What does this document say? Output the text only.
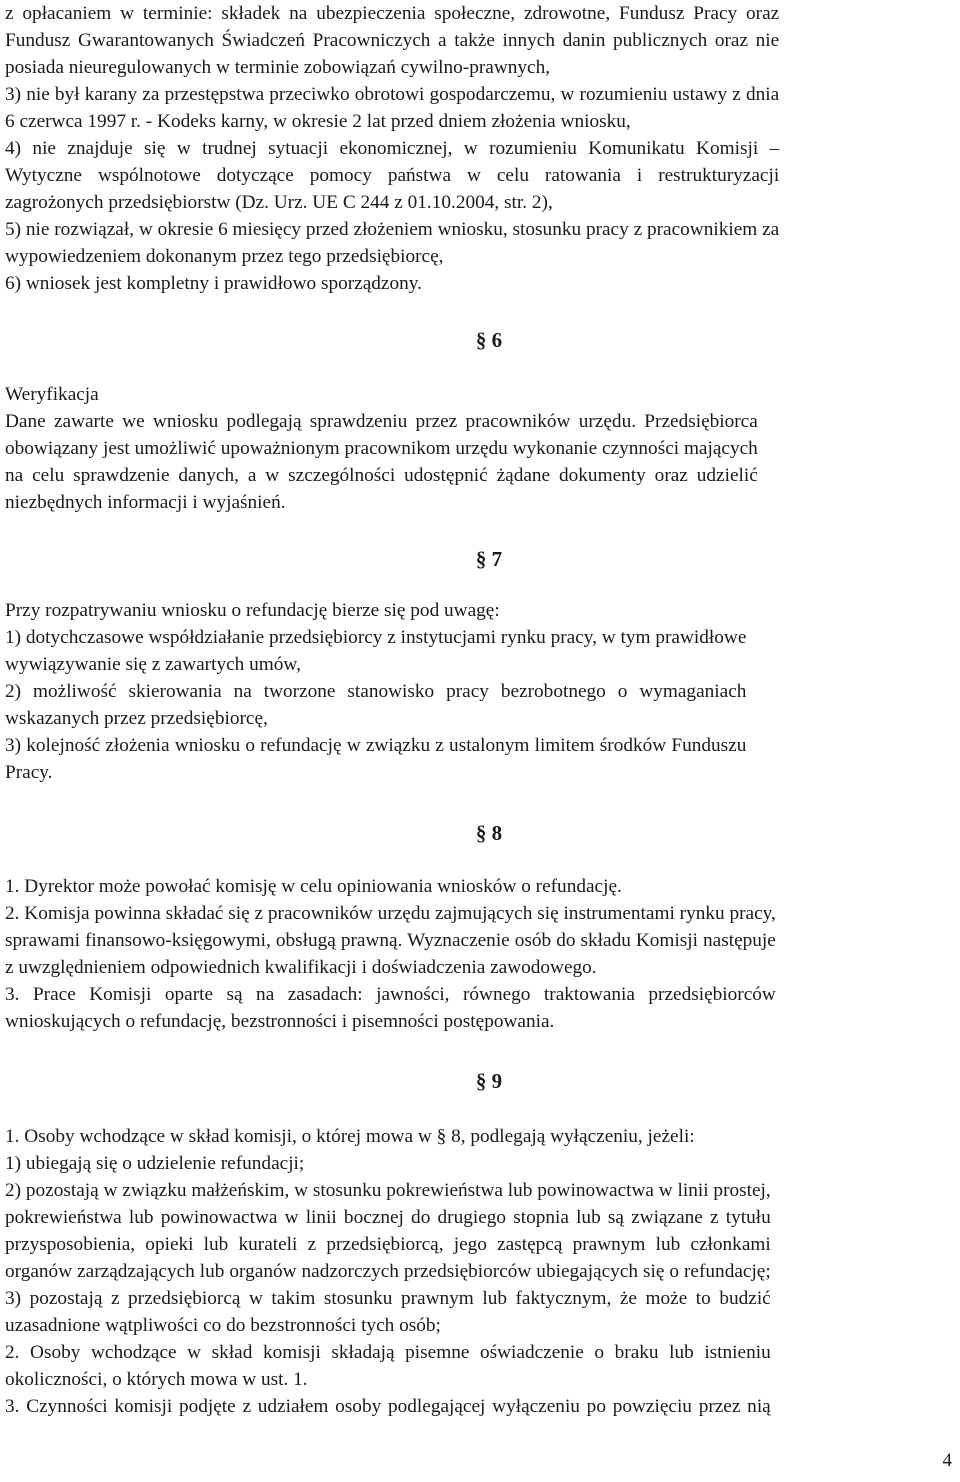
z opłacaniem w terminie: składek na ubezpieczenia społeczne, zdrowotne, Fundusz Pracy oraz
Fundusz Gwarantowanych Świadczeń Pracowniczych a także innych danin publicznych oraz nie
posiada nieuregulowanych w terminie zobowiązań cywilno-prawnych,
3) nie był karany za przestępstwa przeciwko obrotowi gospodarczemu, w rozumieniu ustawy z dnia
6 czerwca 1997 r. - Kodeks karny, w okresie 2 lat przed dniem złożenia wniosku,
4) nie znajduje się w trudnej sytuacji ekonomicznej, w rozumieniu Komunikatu Komisji –
Wytyczne wspólnotowe dotyczące pomocy państwa w celu ratowania i restrukturyzacji
zagrożonych przedsiębiorstw (Dz. Urz. UE C 244 z 01.10.2004, str. 2),
5) nie rozwiązał, w okresie 6 miesięcy przed złożeniem wniosku, stosunku pracy z pracownikiem za
wypowiedzeniem dokonanym przez tego przedsiębiorcę,
6) wniosek jest kompletny i prawidłowo sporządzony.

§ 6

Weryfikacja
Dane zawarte we wniosku podlegają sprawdzeniu przez pracowników urzędu. Przedsiębiorca
obowiązany jest umożliwić upoważnionym pracownikom urzędu wykonanie czynności mających
na celu sprawdzenie danych, a w szczególności udostępnić żądane dokumenty oraz udzielić
niezbędnych informacji i wyjaśnień.

§ 7

Przy rozpatrywaniu wniosku o refundację bierze się pod uwagę:
1) dotychczasowe współdziałanie przedsiębiorcy z instytucjami rynku pracy, w tym prawidłowe
wywiązywanie się z zawartych umów,
2) możliwość skierowania na tworzone stanowisko pracy bezrobotnego o wymaganiach
wskazanych przez przedsiębiorcę,
3) kolejność złożenia wniosku o refundację w związku z ustalonym limitem środków Funduszu
Pracy.

§ 8

1. Dyrektor może powołać komisję w celu opiniowania wniosków o refundację.
2. Komisja powinna składać się z pracowników urzędu zajmujących się instrumentami rynku pracy,
sprawami finansowo-księgowymi, obsługą prawną. Wyznaczenie osób do składu Komisji następuje
z uwzględnieniem odpowiednich kwalifikacji i doświadczenia zawodowego.
3. Prace Komisji oparte są na zasadach: jawności, równego traktowania przedsiębiorców
wnioskujących o refundację, bezstronności i pisemności postępowania.

§ 9

1. Osoby wchodzące w skład komisji, o której mowa w § 8, podlegają wyłączeniu, jeżeli:
1) ubiegają się o udzielenie refundacji;
2) pozostają w związku małżeńskim, w stosunku pokrewieństwa lub powinowactwa w linii prostej,
pokrewieństwa lub powinowactwa w linii bocznej do drugiego stopnia lub są związane z tytułu
przysposobienia, opieki lub kurateli z przedsiębiorcą, jego zastępcą prawnym lub członkami
organów zarządzających lub organów nadzorczych przedsiębiorców ubiegających się o refundację;
3) pozostają z przedsiębiorcą w takim stosunku prawnym lub faktycznym, że może to budzić
uzasadnione wątpliwości co do bezstronności tych osób;
2. Osoby wchodzące w skład komisji składają pisemne oświadczenie o braku lub istnieniu
okoliczności, o których mowa w ust. 1.
3. Czynności komisji podjęte z udziałem osoby podlegającej wyłączeniu po powzięciu przez nią
4
